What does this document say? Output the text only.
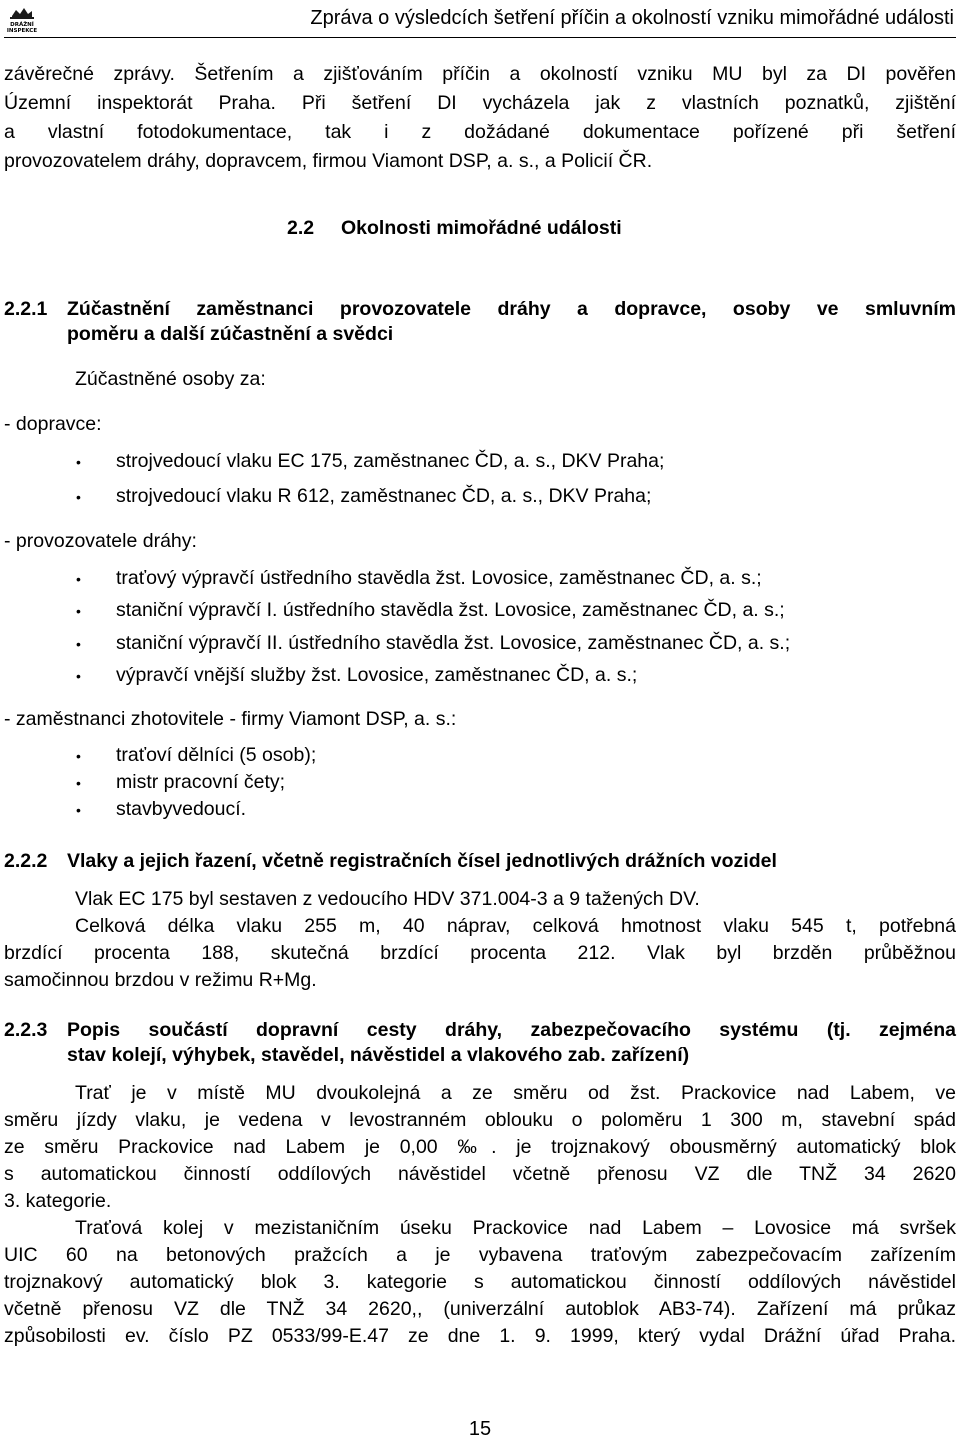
DRÁŽNÍ
INSPEKCE
Zpráva o výsledcích šetření příčin a okolností vzniku mimořádné události
závěrečné zprávy. Šetřením a zjišťováním příčin a okolností vzniku MU byl za DI pověřen
Územní inspektorát Praha. Při šetření DI vycházela jak z vlastních poznatků, zjištění
a vlastní fotodokumentace, tak i z dožádané dokumentace pořízené při šetření
provozovatelem dráhy, dopravcem, firmou Viamont DSP, a. s., a Policií ČR.
2.2 Okolnosti mimořádné události
2.2.1 Zúčastnění zaměstnanci provozovatele dráhy a dopravce, osoby ve smluvním
poměru a další zúčastnění a svědci
Zúčastněné osoby za:
- dopravce:
• strojvedoucí vlaku EC 175, zaměstnanec ČD, a. s., DKV Praha;
• strojvedoucí vlaku R 612, zaměstnanec ČD, a. s., DKV Praha;
- provozovatele dráhy:
• traťový výpravčí ústředního stavědla žst. Lovosice, zaměstnanec ČD, a. s.;
• staniční výpravčí I. ústředního stavědla žst. Lovosice, zaměstnanec ČD, a. s.;
• staniční výpravčí II. ústředního stavědla žst. Lovosice, zaměstnanec ČD, a. s.;
• výpravčí vnější služby žst. Lovosice, zaměstnanec ČD, a. s.;
- zaměstnanci zhotovitele - firmy Viamont DSP, a. s.:
• traťoví dělníci (5 osob);
• mistr pracovní čety;
• stavbyvedoucí.
2.2.2 Vlaky a jejich řazení, včetně registračních čísel jednotlivých drážních vozidel
Vlak EC 175 byl sestaven z vedoucího HDV 371.004-3 a 9 tažených DV.
Celková délka vlaku 255 m, 40 náprav, celková hmotnost vlaku 545 t, potřebná
brzdící procenta 188, skutečná brzdící procenta 212. Vlak byl brzděn průběžnou
samočinnou brzdou v režimu R+Mg.
2.2.3 Popis součástí dopravní cesty dráhy, zabezpečovacího systému (tj. zejména
stav kolejí, výhybek, stavědel, návěstidel a vlakového zab. zařízení)
Trať je v místě MU dvoukolejná a ze směru od žst. Prackovice nad Labem, ve
směru jízdy vlaku, je vedena v levostranném oblouku o poloměru 1 300 m, stavební spád
ze směru Prackovice nad Labem je 0,00 ‰. je trojznakový obousměrný automatický blok
s automatickou činností oddílových návěstidel včetně přenosu VZ dle TNŽ 34 2620
3. kategorie.
Traťová kolej v mezistaničním úseku Prackovice nad Labem – Lovosice má svršek
UIC 60 na betonových pražcích a je vybavena traťovým zabezpečovacím zařízením
trojznakový automatický blok 3. kategorie s automatickou činností oddílových návěstidel
včetně přenosu VZ dle TNŽ 34 2620,, (univerzální autoblok AB3-74). Zařízení má průkaz
způsobilosti ev. číslo PZ 0533/99-E.47 ze dne 1. 9. 1999, který vydal Drážní úřad Praha.
15
